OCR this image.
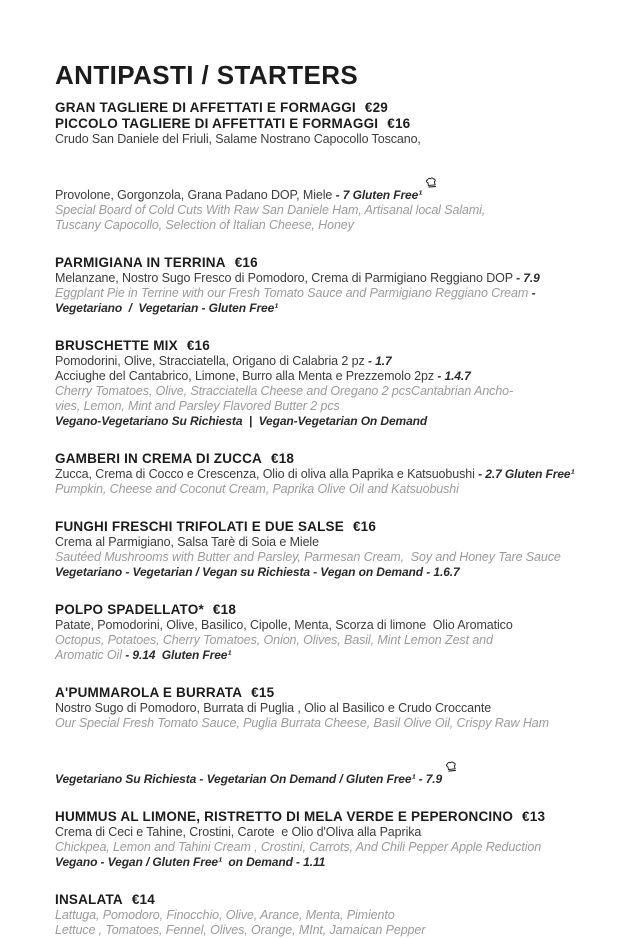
ANTIPASTI / STARTERS
GRAN TAGLIERE DI AFFETTATI E FORMAGGI €29
PICCOLO TAGLIERE DI AFFETTATI E FORMAGGI €16

Crudo San Daniele del Friuli, Salame Nostrano Capocollo Toscano,

Provolone, Gorgonzola, Grana Padano DOP, Miele - 7 Gluten Free¹

Special Board of Cold Cuts With Raw San Daniele Ham, Artisanal local Salami,

Tuscany Capocollo, Selection of Italian Cheese, Honey

PARMIGIANA IN TERRINA €16

Melanzane, Nostro Sugo Fresco di Pomodoro, Crema di Parmigiano Reggiano DOP - 7.9

Eggplant Pie in Terrine with our Fresh Tomato Sauce and Parmigiano Reggiano Cream -

Vegetariano  /  Vegetarian - Gluten Free¹

BRUSCHETTE MIX €16

Pomodorini, Olive, Stracciatella, Origano di Calabria 2 pz - 1.7

Acciughe del Cantabrico, Limone, Burro alla Menta e Prezzemolo 2pz - 1.4.7

Cherry Tomatoes, Olive, Stracciatella Cheese and Oregano 2 pcsCantabrian Ancho-

vies, Lemon, Mint and Parsley Flavored Butter 2 pcs

Vegano-Vegetariano Su Richiesta  |  Vegan-Vegetarian On Demand

GAMBERI IN CREMA DI ZUCCA €18

Zucca, Crema di Cocco e Crescenza, Olio di oliva alla Paprika e Katsuobushi - 2.7 Gluten Free¹

Pumpkin, Cheese and Coconut Cream, Paprika Olive Oil and Katsuobushi

FUNGHI FRESCHI TRIFOLATI E DUE SALSE €16

Crema al Parmigiano, Salsa Tarè di Soia e Miele

Sautéed Mushrooms with Butter and Parsley, Parmesan Cream,  Soy and Honey Tare Sauce

Vegetariano - Vegetarian / Vegan su Richiesta - Vegan on Demand - 1.6.7

POLPO SPADELLATO* €18

Patate, Pomodorini, Olive, Basilico, Cipolle, Menta, Scorza di limone  Olio Aromatico

Octopus, Potatoes, Cherry Tomatoes, Onion, Olives, Basil, Mint Lemon Zest and

Aromatic Oil - 9.14  Gluten Free¹

A'PUMMAROLA E BURRATA €15

Nostro Sugo di Pomodoro, Burrata di Puglia , Olio al Basilico e Crudo Croccante

Our Special Fresh Tomato Sauce, Puglia Burrata Cheese, Basil Olive Oil, Crispy Raw Ham

Vegetariano Su Richiesta - Vegetarian On Demand / Gluten Free¹ - 7.9

HUMMUS AL LIMONE, RISTRETTO DI MELA VERDE E PEPERONCINO €13

Crema di Ceci e Tahine, Crostini, Carote  e Olio d'Oliva alla Paprika

Chickpea, Lemon and Tahini Cream , Crostini, Carrots, And Chili Pepper Apple Reduction

Vegano - Vegan / Gluten Free¹  on Demand - 1.11

INSALATA €14

Lattuga, Pomodoro, Finocchio, Olive, Arance, Menta, Pimiento

Lettuce , Tomatoes, Fennel, Olives, Orange, MInt, Jamaican Pepper
